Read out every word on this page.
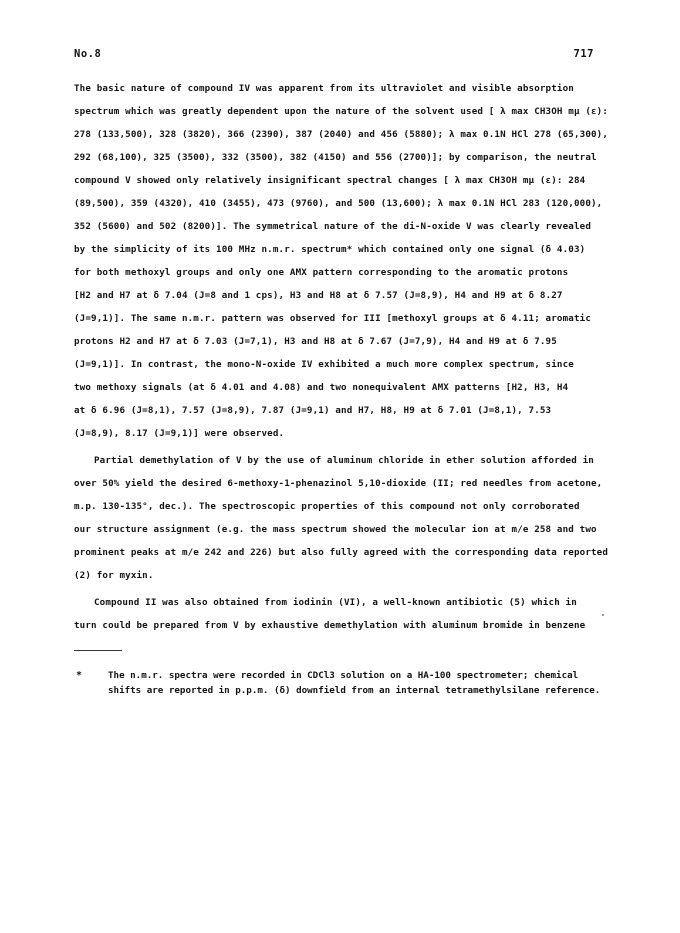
No.8	717
The basic nature of compound IV was apparent from its ultraviolet and visible absorption
spectrum which was greatly dependent upon the nature of the solvent used [ λ max CH3OH mμ (ε):
278 (133,500), 328 (3820), 366 (2390), 387 (2040) and 456 (5880); λ max 0.1N HCl 278 (65,300),
292 (68,100), 325 (3500), 332 (3500), 382 (4150) and 556 (2700)]; by comparison, the neutral
compound V showed only relatively insignificant spectral changes [ λ max CH3OH mμ (ε): 284
(89,500), 359 (4320), 410 (3455), 473 (9760), and 500 (13,600); λ max 0.1N HCl 283 (120,000),
352 (5600) and 502 (8200)]. The symmetrical nature of the di-N-oxide V was clearly revealed
by the simplicity of its 100 MHz n.m.r. spectrum* which contained only one signal (δ 4.03)
for both methoxyl groups and only one AMX pattern corresponding to the aromatic protons
[H2 and H7 at δ 7.04 (J=8 and 1 cps), H3 and H8 at δ 7.57 (J=8,9), H4 and H9 at δ 8.27
(J=9,1)]. The same n.m.r. pattern was observed for III [methoxyl groups at δ 4.11; aromatic
protons H2 and H7 at δ 7.03 (J=7,1), H3 and H8 at δ 7.67 (J=7,9), H4 and H9 at δ 7.95
(J=9,1)]. In contrast, the mono-N-oxide IV exhibited a much more complex spectrum, since
two methoxy signals (at δ 4.01 and 4.08) and two nonequivalent AMX patterns [H2, H3, H4
at δ 6.96 (J=8,1), 7.57 (J=8,9), 7.87 (J=9,1) and H7, H8, H9 at δ 7.01 (J=8,1), 7.53
(J=8,9), 8.17 (J=9,1)] were observed.
Partial demethylation of V by the use of aluminum chloride in ether solution afforded in
over 50% yield the desired 6-methoxy-1-phenazinol 5,10-dioxide (II; red needles from acetone,
m.p. 130-135°, dec.). The spectroscopic properties of this compound not only corroborated
our structure assignment (e.g. the mass spectrum showed the molecular ion at m/e 258 and two
prominent peaks at m/e 242 and 226) but also fully agreed with the corresponding data reported
(2) for myxin.
Compound II was also obtained from iodinin (VI), a well-known antibiotic (5) which in
turn could be prepared from V by exhaustive demethylation with aluminum bromide in benzene
*	The n.m.r. spectra were recorded in CDCl3 solution on a HA-100 spectrometer; chemical
shifts are reported in p.p.m. (δ) downfield from an internal tetramethylsilane reference.
